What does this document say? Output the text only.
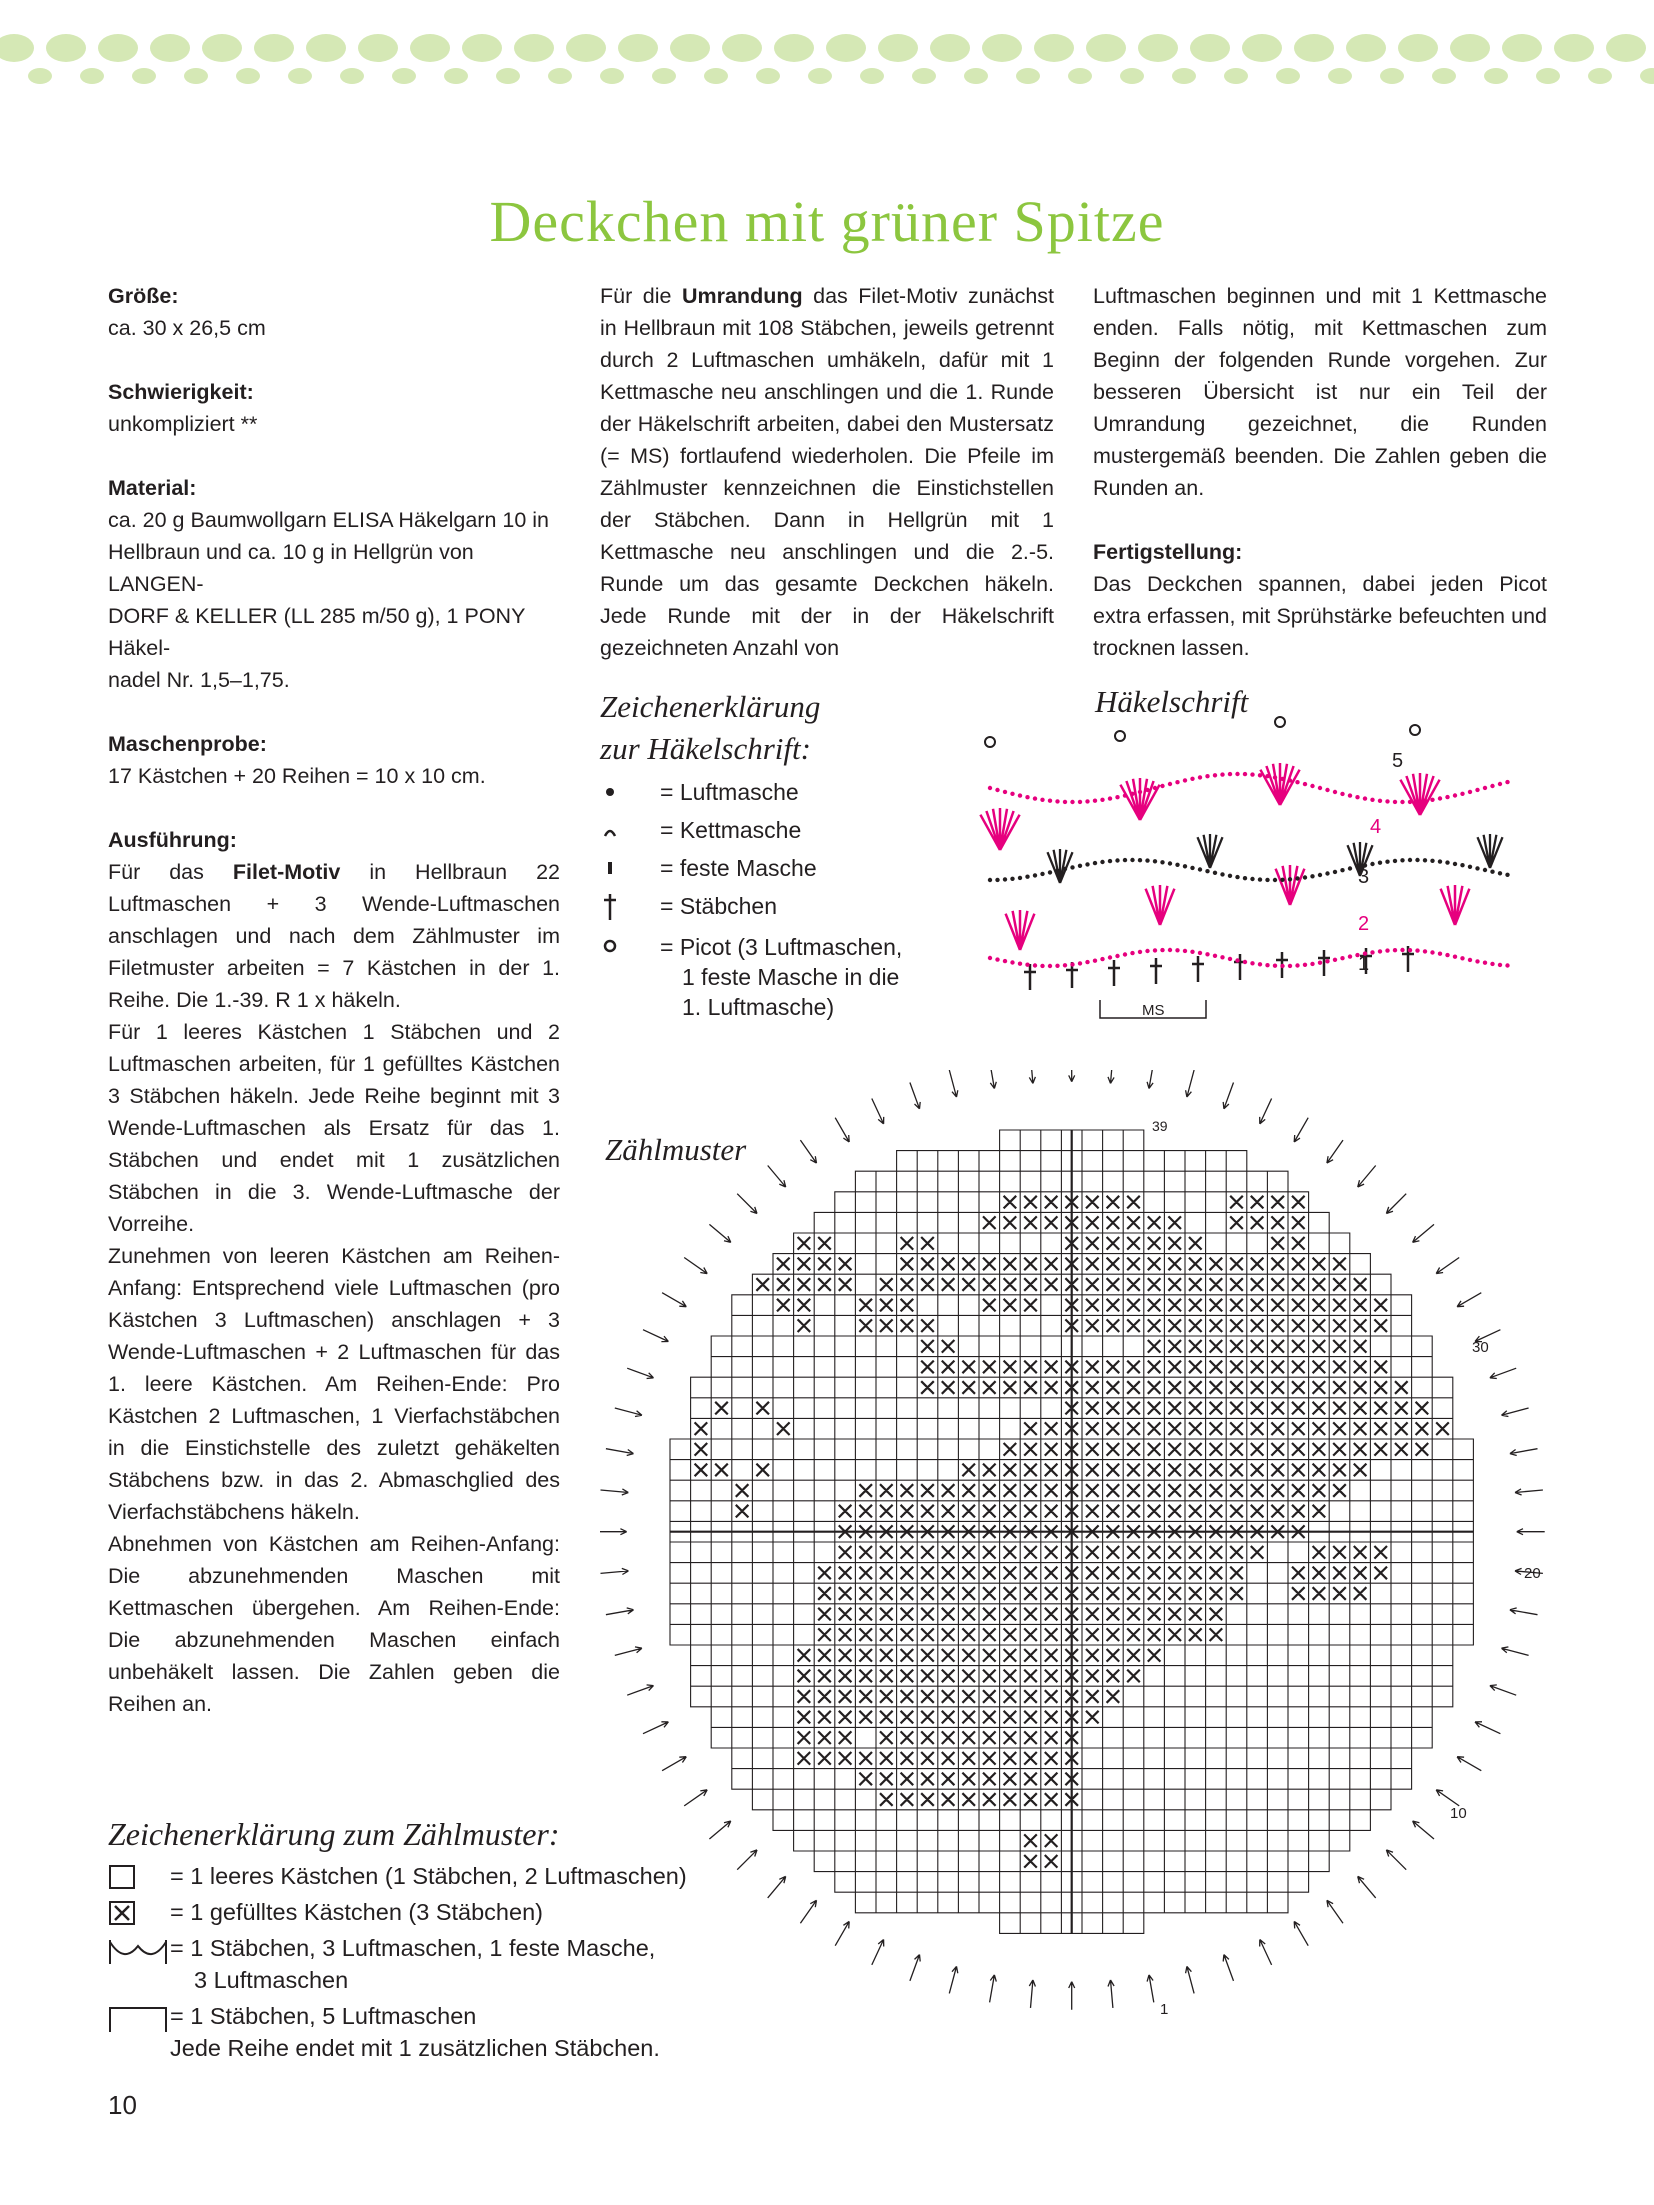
Deckchen mit grüner Spitze

Größe:

ca. 30 x 26,5 cm

Schwierigkeit:

unkompliziert **

Material:

ca. 20 g Baumwollgarn ELISA Häkelgarn 10 in

Hellbraun und ca. 10 g in Hellgrün von LANGEN-

DORF & KELLER (LL 285 m/50 g), 1 PONY Häkel-

nadel Nr. 1,5–1,75.

Maschenprobe:

17 Kästchen + 20 Reihen = 10 x 10 cm.

Ausführung:

Für das Filet-Motiv in Hellbraun 22 Luftmaschen + 3 Wende-Luftmaschen anschlagen und nach dem Zählmuster im Filetmuster arbeiten = 7 Kästchen in der 1. Reihe. Die 1.-39. R 1 x häkeln.

Für 1 leeres Kästchen 1 Stäbchen und 2 Luftmaschen arbeiten, für 1 gefülltes Kästchen 3 Stäbchen häkeln. Jede Reihe beginnt mit 3 Wende-Luftmaschen als Ersatz für das 1. Stäbchen und endet mit 1 zusätzlichen Stäbchen in die 3. Wende-Luftmasche der Vorreihe.

Zunehmen von leeren Kästchen am Reihen-Anfang: Entsprechend viele Luftmaschen (pro Kästchen 3 Luftmaschen) anschlagen + 3 Wende-Luftmaschen + 2 Luftmaschen für das 1. leere Kästchen. Am Reihen-Ende: Pro Kästchen 2 Luftmaschen, 1 Vierfachstäbchen in die Einstichstelle des zuletzt gehäkelten Stäbchens bzw. in das 2. Abmaschglied des Vierfachstäbchens häkeln.

Abnehmen von Kästchen am Reihen-Anfang: Die abzunehmenden Maschen mit Kettmaschen übergehen. Am Reihen-Ende: Die abzunehmenden Maschen einfach unbehäkelt lassen. Die Zahlen geben die Reihen an.

Für die Umrandung das Filet-Motiv zunächst in Hellbraun mit 108 Stäbchen, jeweils getrennt durch 2 Luftmaschen umhäkeln, dafür mit 1 Kettmasche neu anschlingen und die 1. Runde der Häkelschrift arbeiten, dabei den Mustersatz (= MS) fortlaufend wiederholen. Die Pfeile im Zählmuster kennzeichnen die Einstichstellen der Stäbchen. Dann in Hellgrün mit 1 Kettmasche neu anschlingen und die 2.-5. Runde um das gesamte Deckchen häkeln. Jede Runde mit der in der Häkelschrift gezeichneten Anzahl von

Luftmaschen beginnen und mit 1 Kettmasche enden. Falls nötig, mit Kettmaschen zum Beginn der folgenden Runde vorgehen. Zur besseren Übersicht ist nur ein Teil der Umrandung gezeichnet, die Runden mustergemäß beenden. Die Zahlen geben die Runden an.

Fertigstellung:

Das Deckchen spannen, dabei jeden Picot extra erfassen, mit Sprühstärke befeuchten und trocknen lassen.

Zeichenerklärung
zur Häkelschrift:
= Luftmasche
= Kettmasche
= feste Masche
= Stäbchen
= Picot (3 Luftmaschen,
1 feste Masche in die
1. Luftmasche)
Häkelschrift
5
4
3
2
1
MS
Zählmuster
39
30
20
10
1
Zeichenerklärung zum Zählmuster:
= 1 leeres Kästchen (1 Stäbchen, 2 Luftmaschen)
= 1 gefülltes Kästchen (3 Stäbchen)
= 1 Stäbchen, 3 Luftmaschen, 1 feste Masche,
3 Luftmaschen
= 1 Stäbchen, 5 Luftmaschen
Jede Reihe endet mit 1 zusätzlichen Stäbchen.
10
